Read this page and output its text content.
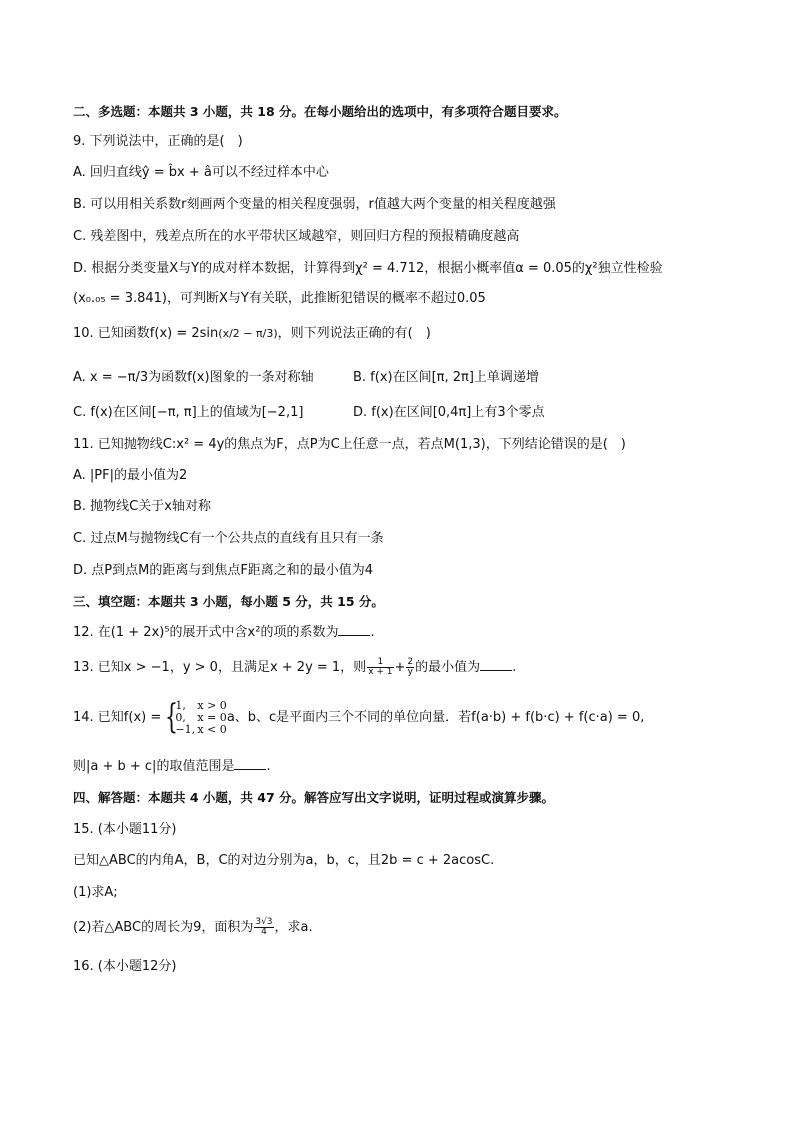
二、多选题：本题共 3 小题，共 18 分。在每小题给出的选项中，有多项符合题目要求。
9. 下列说法中，正确的是(　)
A. 回归直线ŷ = b̂x + â可以不经过样本中心
B. 可以用相关系数r刻画两个变量的相关程度强弱，r值越大两个变量的相关程度越强
C. 残差图中，残差点所在的水平带状区域越窄，则回归方程的预报精确度越高
D. 根据分类变量X与Y的成对样本数据，计算得到χ² = 4.712，根据小概率值α = 0.05的χ²独立性检验
(x₀.₀₅ = 3.841)，可判断X与Y有关联，此推断犯错误的概率不超过0.05
10. 已知函数f(x) = 2sin(x/2 − π/3)，则下列说法正确的有(　)
A. x = −π/3为函数f(x)图象的一条对称轴	B. f(x)在区间[π, 2π]上单调递增
C. f(x)在区间[−π, π]上的值域为[−2,1]	D. f(x)在区间[0,4π]上有3个零点
11. 已知抛物线C:x² = 4y的焦点为F，点P为C上任意一点，若点M(1,3)，下列结论错误的是(　)
A. |PF|的最小值为2
B. 抛物线C关于x轴对称
C. 过点M与抛物线C有一个公共点的直线有且只有一条
D. 点P到点M的距离与到焦点F距离之和的最小值为4
三、填空题：本题共 3 小题，每小题 5 分，共 15 分。
12. 在(1 + 2x)⁵的展开式中含x²的项的系数为 .
13. 已知x > −1，y > 0，且满足x + 2y = 1，则 $\frac{1}{x + 1} + \frac{2}{y}$ 的最小值为 .
14. 已知f(x) = {
1, x > 0
0, x = 0
−1, x < 0
a、b、c是平面内三个不同的单位向量．若f(a·b) + f(b·c) + f(c·a) = 0,
则|a + b + c|的取值范围是 .
四、解答题：本题共 4 小题，共 47 分。解答应写出文字说明，证明过程或演算步骤。
15. (本小题11分)
已知△ABC的内角A，B，C的对边分别为a，b，c，且2b = c + 2acosC.
(1)求A;
(2)若△ABC的周长为9，面积为 $\frac{3√3}{4}$ ，求a.
16. (本小题12分)
